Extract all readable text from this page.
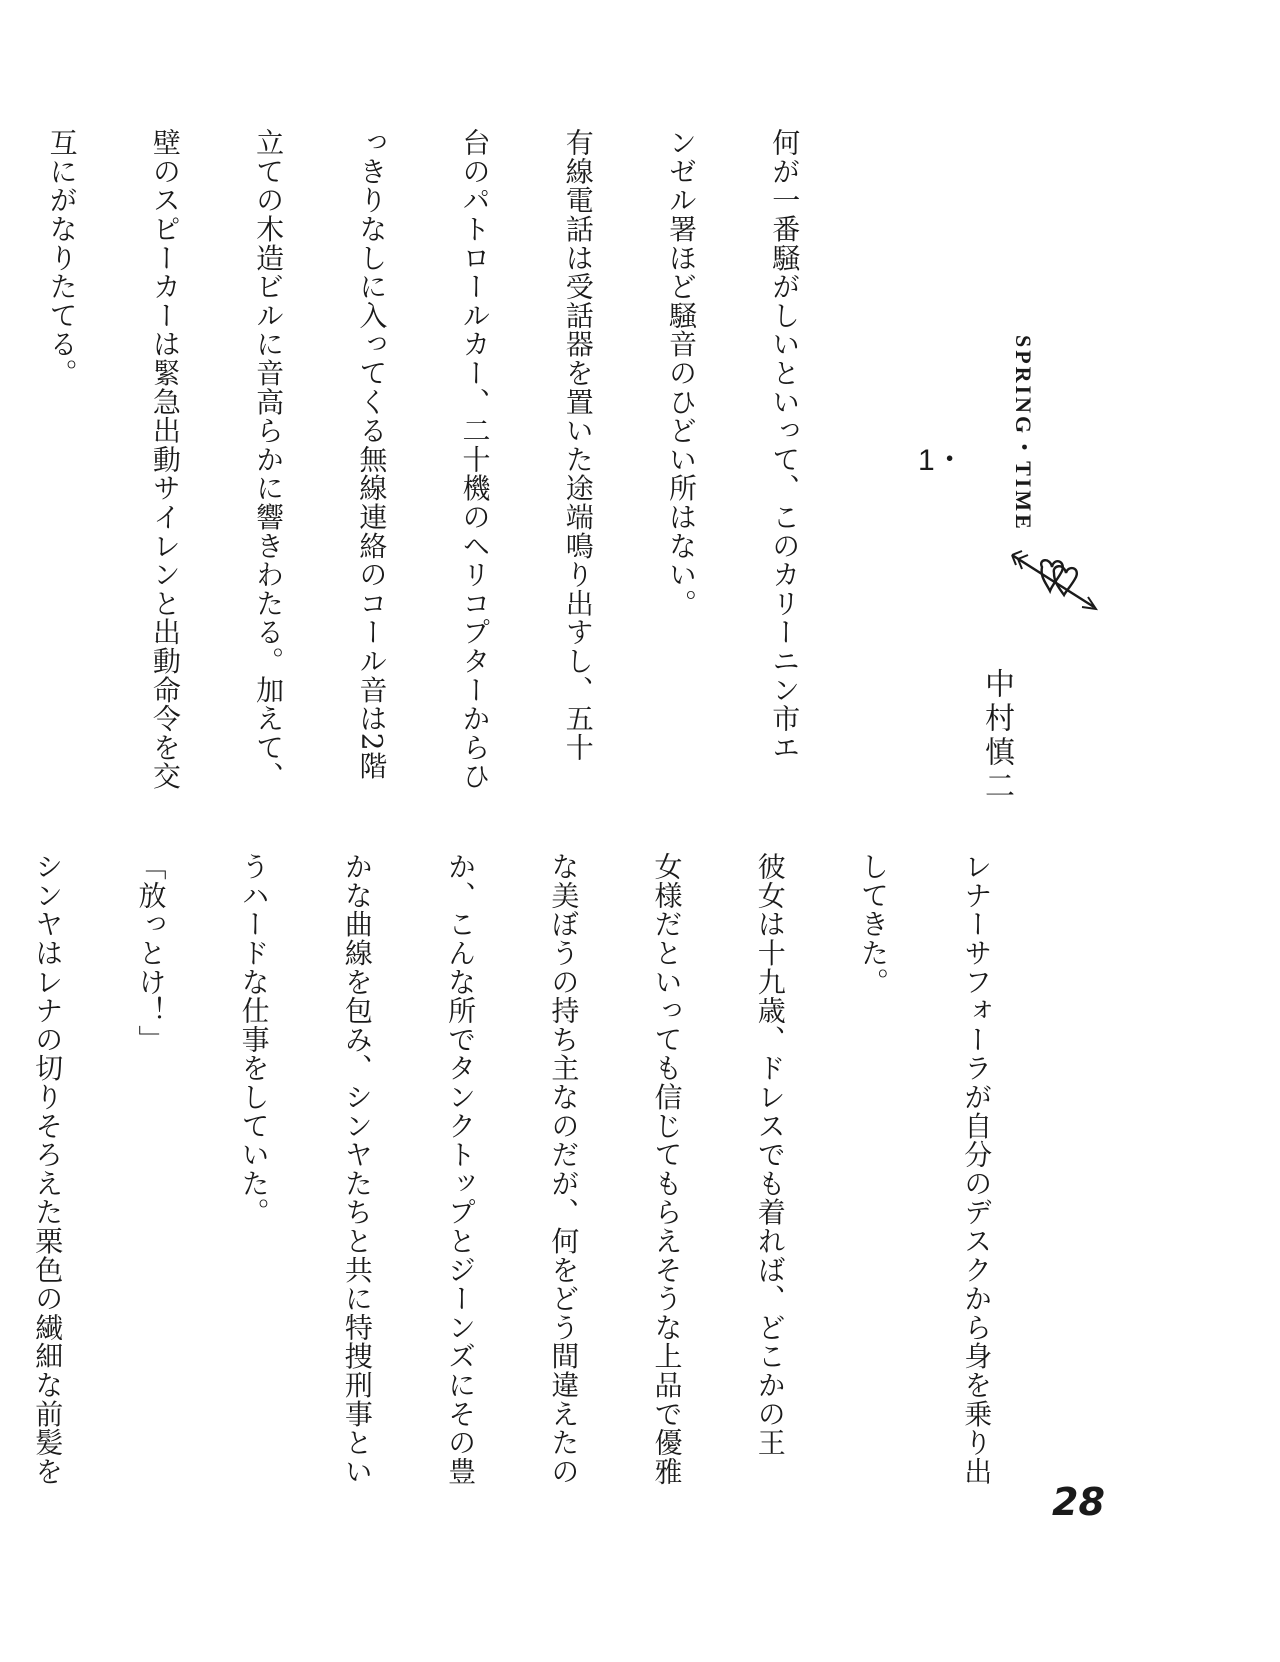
SPRING・TIME
1・
中村慎二

何が一番騒がしいといって、このカリーニン市エ

ンゼル署ほど騒音のひどい所はない。

有線電話は受話器を置いた途端鳴り出すし、五十

台のパトロールカー、二十機のヘリコプターからひ

っきりなしに入ってくる無線連絡のコール音は2階

立ての木造ビルに音高らかに響きわたる。加えて、

壁のスピーカーは緊急出動サイレンと出動命令を交

互にがなりたてる。

レナーサフォーラが自分のデスクから身を乗り出

してきた。

彼女は十九歳、ドレスでも着れば、どこかの王

女様だといっても信じてもらえそうな上品で優雅

な美ぼうの持ち主なのだが、何をどう間違えたの

か、こんな所でタンクトップとジーンズにその豊

かな曲線を包み、シンヤたちと共に特捜刑事とい

うハードな仕事をしていた。

「放っとけ！」

シンヤはレナの切りそろえた栗色の繊細な前髪を

28
